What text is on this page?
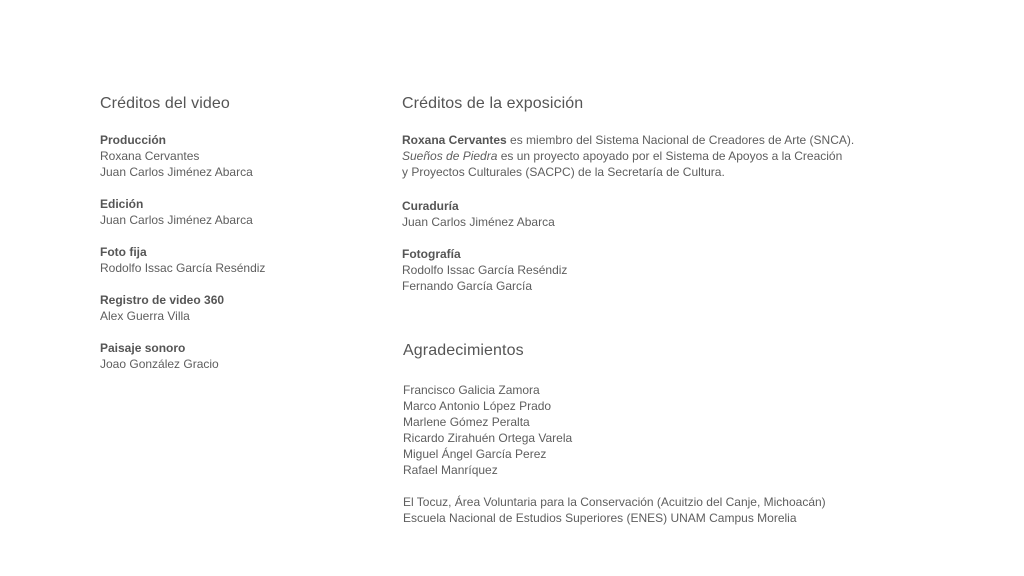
Créditos del video
Producción
Roxana Cervantes
Juan Carlos Jiménez Abarca
Edición
Juan Carlos Jiménez Abarca
Foto fija
Rodolfo Issac García Reséndiz
Registro de video 360
Alex Guerra Villa
Paisaje sonoro
Joao González Gracio
Créditos de la exposición
Roxana Cervantes es miembro del Sistema Nacional de Creadores de Arte (SNCA).
Sueños de Piedra es un proyecto apoyado por el Sistema de Apoyos a la Creación
y Proyectos Culturales (SACPC) de la Secretaría de Cultura.
Curaduría
Juan Carlos Jiménez Abarca
Fotografía
Rodolfo Issac García Reséndiz
Fernando García García
Agradecimientos
Francisco Galicia Zamora
Marco Antonio López Prado
Marlene Gómez Peralta
Ricardo Zirahuén Ortega Varela
Miguel Ángel García Perez
Rafael Manríquez
El Tocuz, Área Voluntaria para la Conservación (Acuitzio del Canje, Michoacán)
Escuela Nacional de Estudios Superiores (ENES) UNAM Campus Morelia
